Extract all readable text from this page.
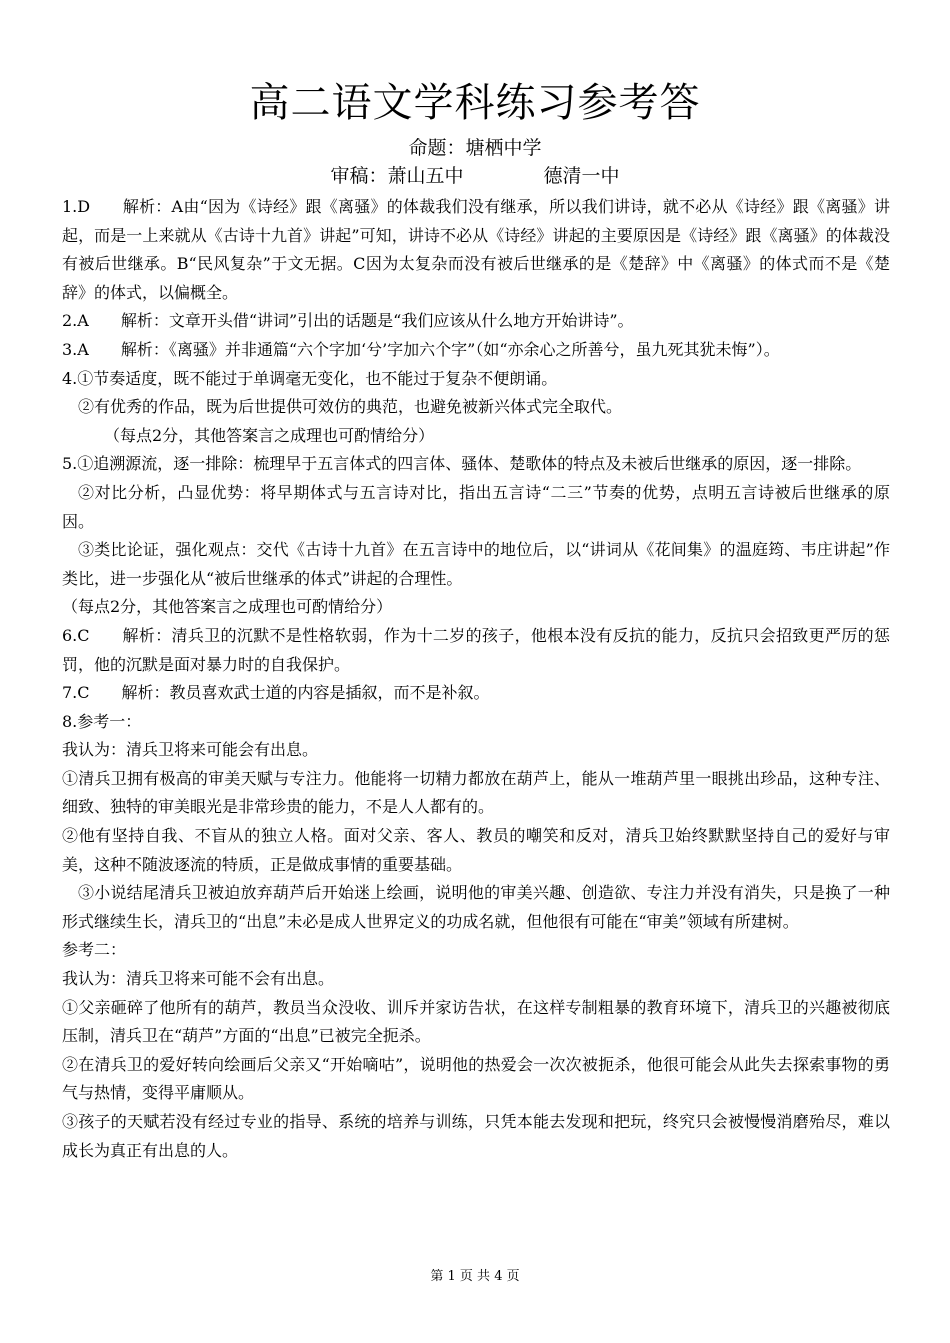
高二语文学科练习参考答
命题：塘栖中学
审稿：萧山五中	德清一中

1.D　　解析：A由“因为《诗经》跟《离骚》的体裁我们没有继承，所以我们讲诗，就不必从《诗经》跟《离骚》讲起，而是一上来就从《古诗十九首》讲起”可知，讲诗不必从《诗经》讲起的主要原因是《诗经》跟《离骚》的体裁没有被后世继承。B“民风复杂”于文无据。C因为太复杂而没有被后世继承的是《楚辞》中《离骚》的体式而不是《楚辞》的体式，以偏概全。

2.A　　解析：文章开头借“讲词”引出的话题是“我们应该从什么地方开始讲诗”。

3.A　　解析：《离骚》并非通篇“六个字加‘兮’字加六个字”（如“亦余心之所善兮，虽九死其犹未悔”）。

4.①节奏适度，既不能过于单调毫无变化，也不能过于复杂不便朗诵。

②有优秀的作品，既为后世提供可效仿的典范，也避免被新兴体式完全取代。

（每点2分，其他答案言之成理也可酌情给分）

5.①追溯源流，逐一排除：梳理早于五言体式的四言体、骚体、楚歌体的特点及未被后世继承的原因，逐一排除。

②对比分析，凸显优势：将早期体式与五言诗对比，指出五言诗“二三”节奏的优势，点明五言诗被后世继承的原因。

③类比论证，强化观点：交代《古诗十九首》在五言诗中的地位后，以“讲词从《花间集》的温庭筠、韦庄讲起”作类比，进一步强化从“被后世继承的体式”讲起的合理性。

（每点2分，其他答案言之成理也可酌情给分）

6.C　　解析：清兵卫的沉默不是性格软弱，作为十二岁的孩子，他根本没有反抗的能力，反抗只会招致更严厉的惩罚，他的沉默是面对暴力时的自我保护。

7.C　　解析：教员喜欢武士道的内容是插叙，而不是补叙。

8.参考一：

我认为：清兵卫将来可能会有出息。

①清兵卫拥有极高的审美天赋与专注力。他能将一切精力都放在葫芦上，能从一堆葫芦里一眼挑出珍品，这种专注、细致、独特的审美眼光是非常珍贵的能力，不是人人都有的。

②他有坚持自我、不盲从的独立人格。面对父亲、客人、教员的嘲笑和反对，清兵卫始终默默坚持自己的爱好与审美，这种不随波逐流的特质，正是做成事情的重要基础。

③小说结尾清兵卫被迫放弃葫芦后开始迷上绘画，说明他的审美兴趣、创造欲、专注力并没有消失，只是换了一种形式继续生长，清兵卫的“出息”未必是成人世界定义的功成名就，但他很有可能在“审美”领域有所建树。

参考二：

我认为：清兵卫将来可能不会有出息。

①父亲砸碎了他所有的葫芦，教员当众没收、训斥并家访告状，在这样专制粗暴的教育环境下，清兵卫的兴趣被彻底压制，清兵卫在“葫芦”方面的“出息”已被完全扼杀。

②在清兵卫的爱好转向绘画后父亲又“开始嘀咕”，说明他的热爱会一次次被扼杀，他很可能会从此失去探索事物的勇气与热情，变得平庸顺从。

③孩子的天赋若没有经过专业的指导、系统的培养与训练，只凭本能去发现和把玩，终究只会被慢慢消磨殆尽，难以成长为真正有出息的人。

第 1 页 共 4 页
